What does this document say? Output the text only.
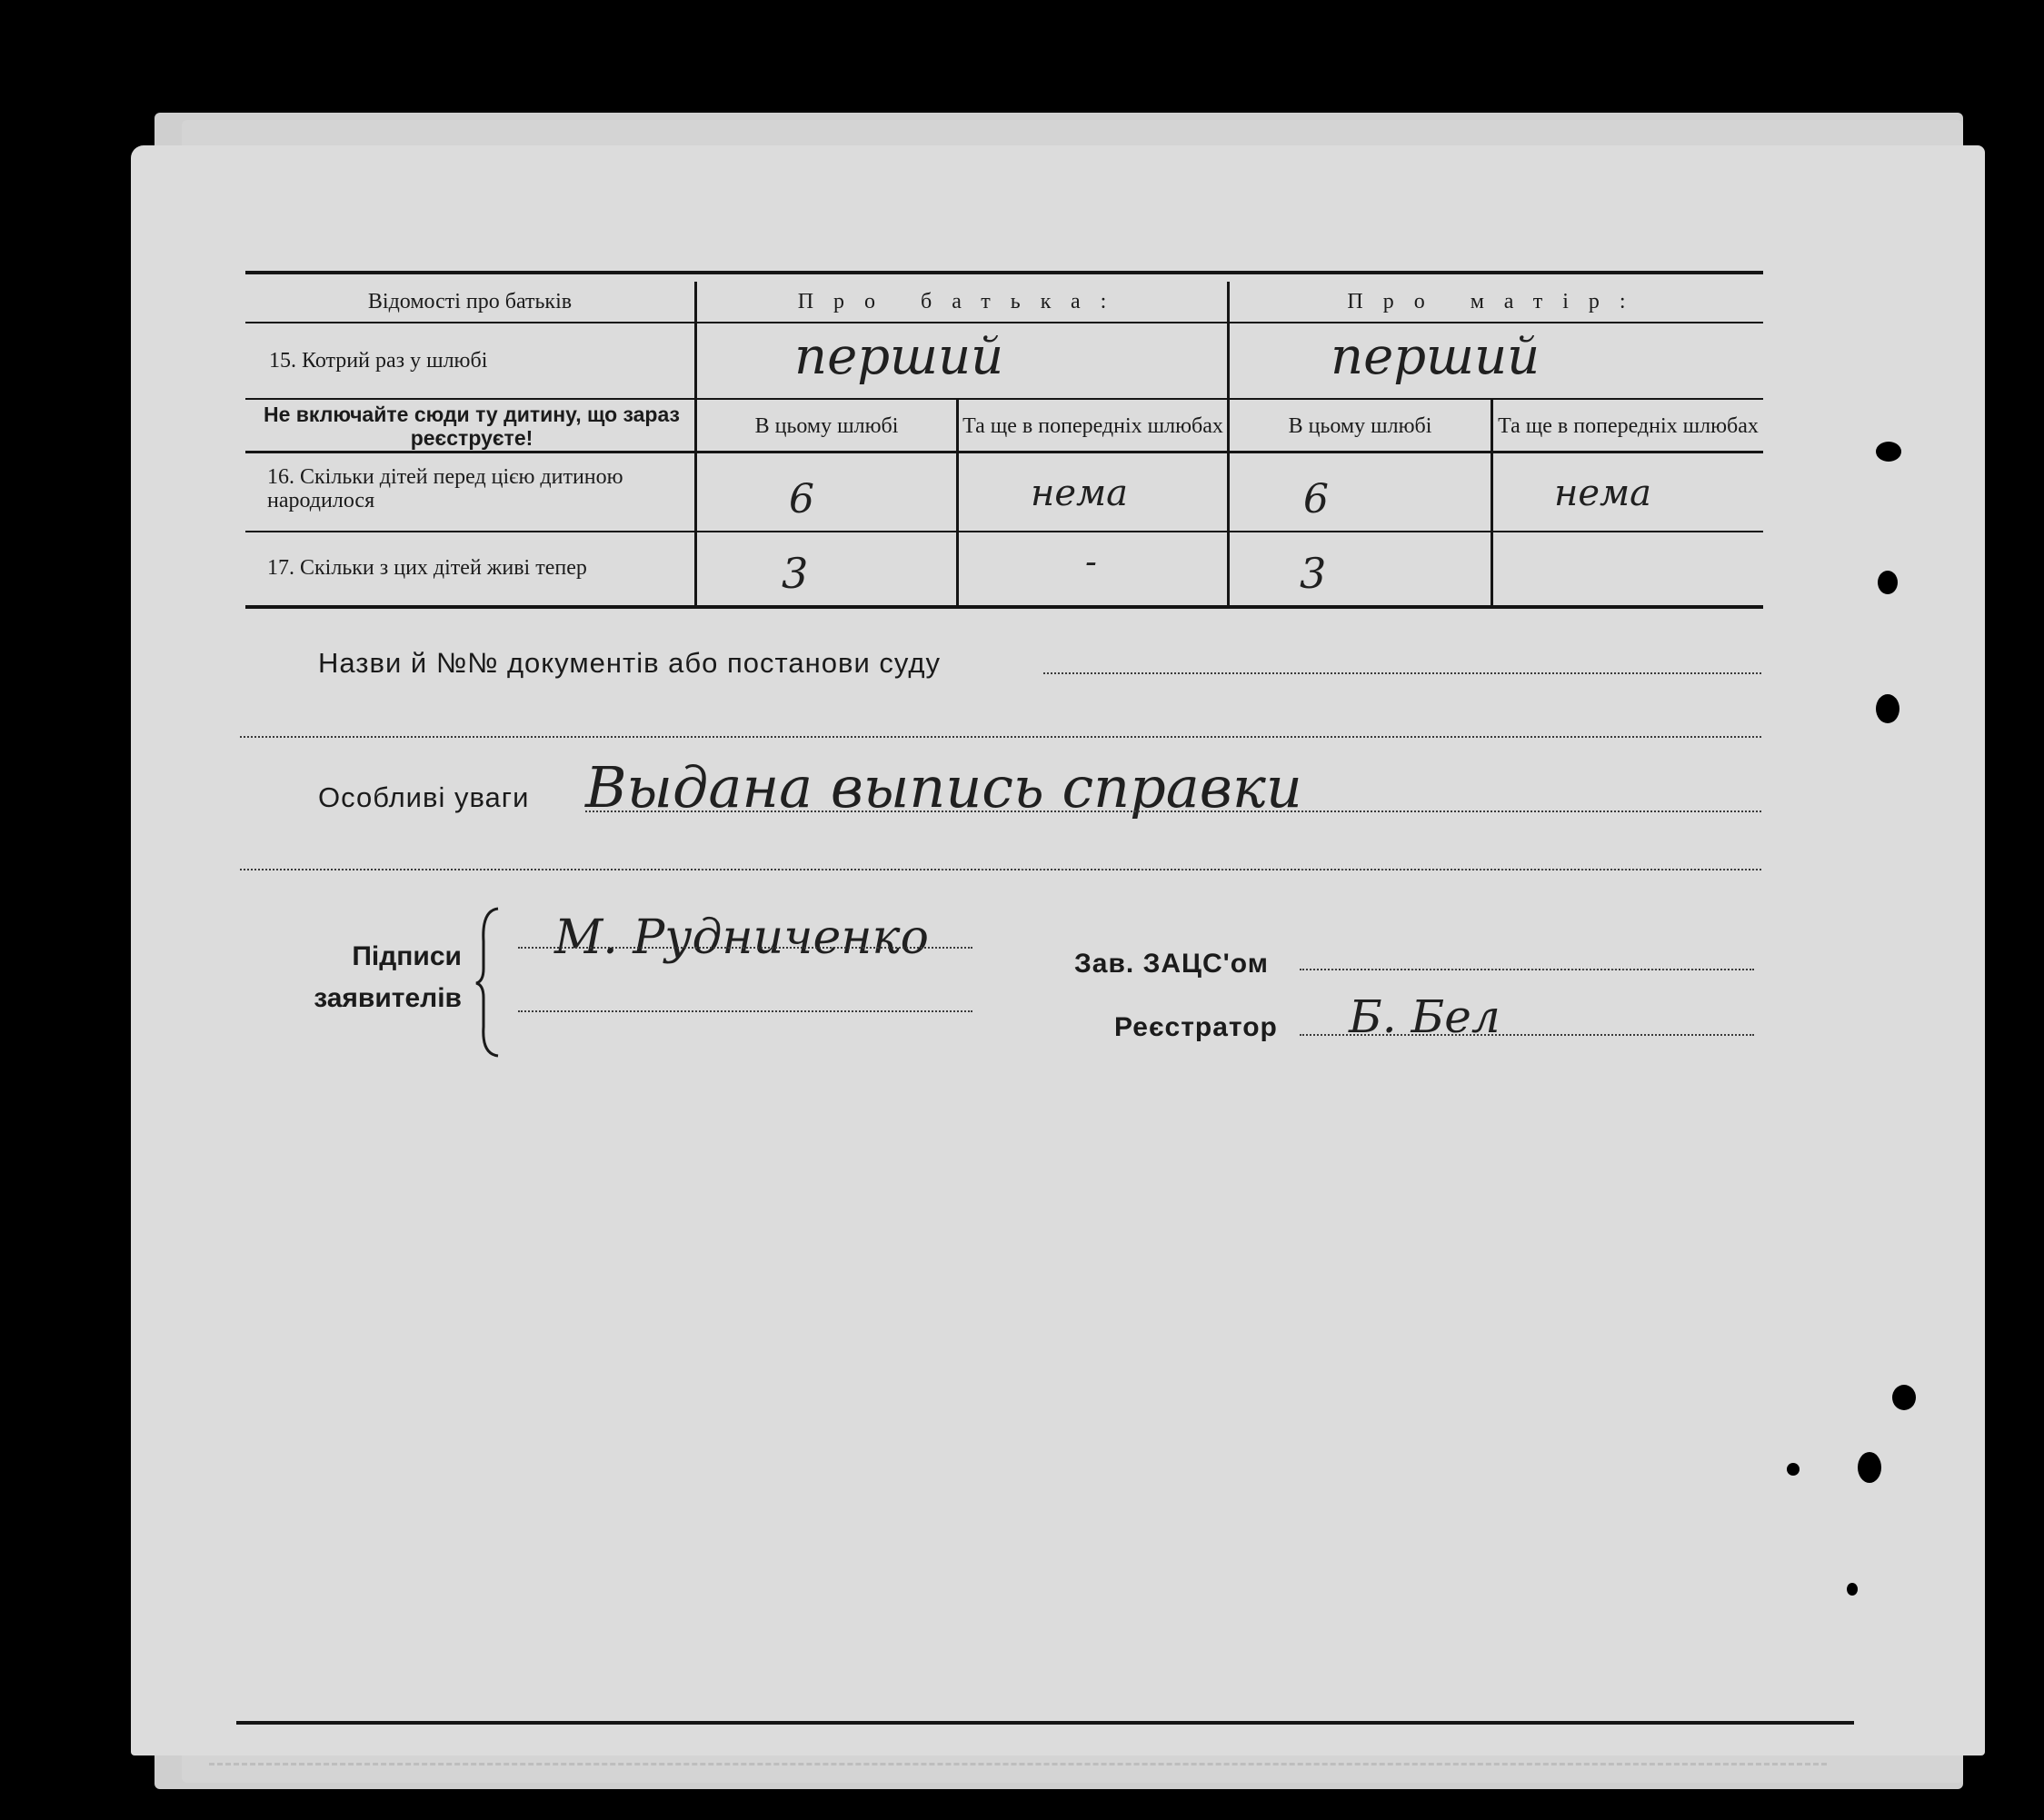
Відомості про батьків	Про батька:	Про матір:
15. Котрий раз у шлюбі	перший	перший
Не включайте сюди ту дитину, що зараз реєструєте!	В цьому шлюбі	Та ще в попередніх шлюбах	В цьому шлюбі	Та ще в попередніх шлюбах
16. Скільки дітей перед цією дитиною народилося	6	нема	6	нема
17. Скільки з цих дітей живі тепер	3	-	3
Назви й №№ документів або постанови суду
Особливі уваги Выдана выпись справки
Підписи
заявителів
М. Рудниченко	Зав. ЗАЦС'ом
Реєстратор Б. Бел
